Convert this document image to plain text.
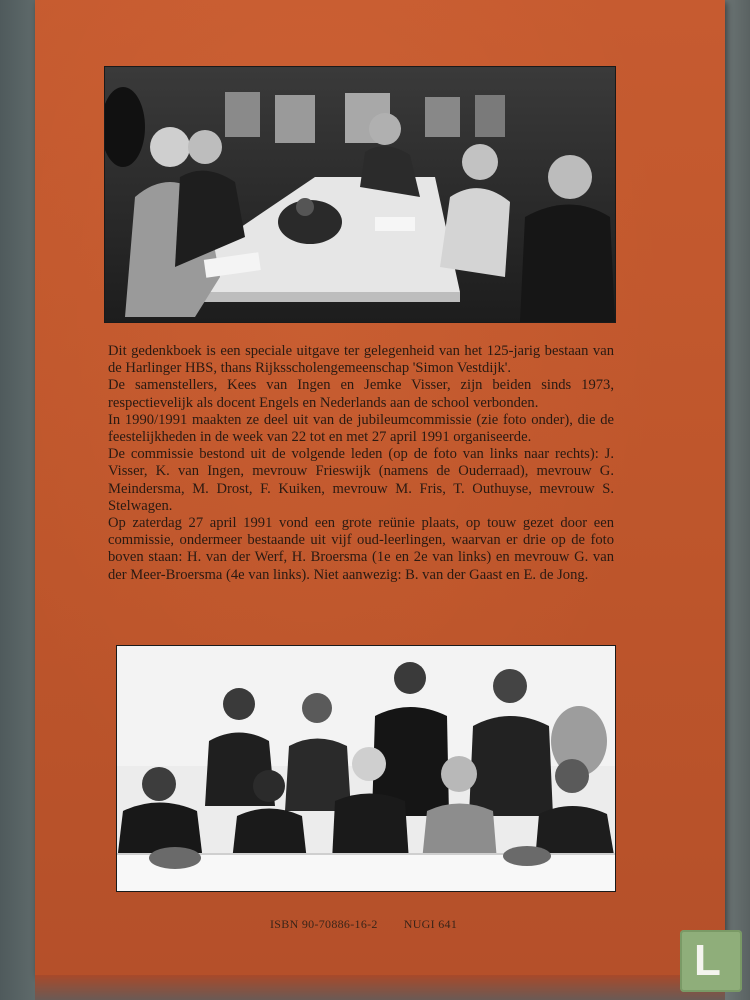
Dit gedenkboek is een speciale uitgave ter gelegenheid van het 125-jarig bestaan van de Harlinger HBS, thans Rijksscholengemeenschap 'Simon Vestdijk'.

De samenstellers, Kees van Ingen en Jemke Visser, zijn beiden sinds 1973, respectievelijk als docent Engels en Nederlands aan de school verbonden.

In 1990/1991 maakten ze deel uit van de jubileumcommissie (zie foto onder), die de feestelijkheden in de week van 22 tot en met 27 april 1991 organiseerde.

De commissie bestond uit de volgende leden (op de foto van links naar rechts): J. Visser, K. van Ingen, mevrouw Frieswijk (namens de Ouderraad), mevrouw G. Meindersma, M. Drost, F. Kuiken, mevrouw M. Fris, T. Outhuyse, mevrouw S. Stelwagen.

Op zaterdag 27 april 1991 vond een grote reünie plaats, op touw gezet door een commissie, ondermeer bestaande uit vijf oud-leerlingen, waarvan er drie op de foto boven staan: H. van der Werf, H. Broersma (1e en 2e van links) en mevrouw G. van der Meer-Broersma (4e van links). Niet aanwezig: B. van der Gaast en E. de Jong.

ISBN 90-70886-16-2 NUGI 641
L
